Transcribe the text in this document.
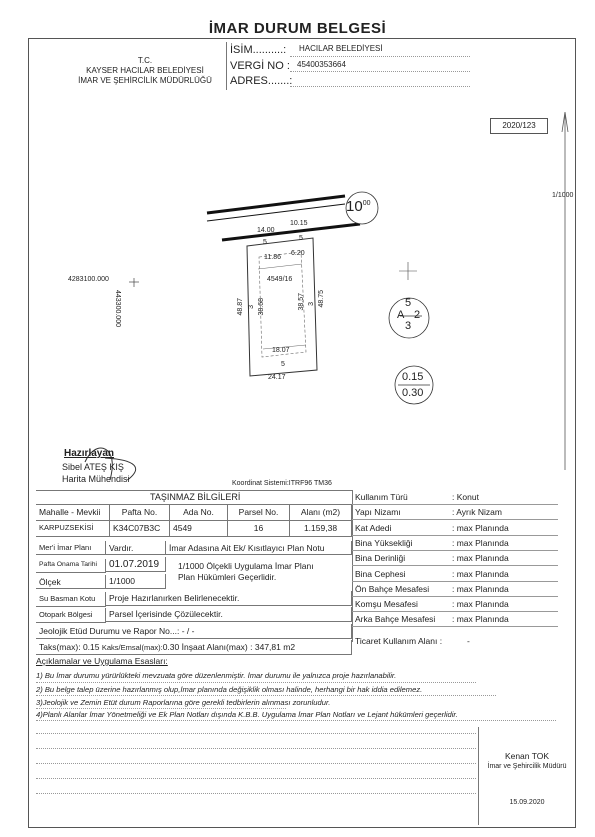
İMAR DURUM BELGESİ
T.C.
KAYSER HACILAR BELEDİYESİ
İMAR VE ŞEHİRCİLİK MÜDÜRLÜĞÜ
İSİM..........: HACILAR BELEDİYESİ
VERGİ NO : 45400353664
ADRES.......:
2020/123
1/1000
$10^{00}$
4283100.000
443300.000
14.00
10.15
5
5
11.86
6.20
4549/16
48.87 3 38.68	38.57 3 48.75
18.07
5
24.17
5
A 2
3
0.15
0.30
Hazırlayan
Sibel ATEŞ KIŞ
Harita Mühendisi	Koordinat Sistemi:ITRF96 TM36
TAŞINMAZ BİLGİLERİ
Mahalle - Mevkii	Pafta No.	Ada No.	Parsel No.	Alanı (m2)
KARPUZSEKİSİ	K34C07B3C	4549	16	1.159,38
Mer'i İmar Planı	Vardır.	İmar Adasına Ait Ek/ Kısıtlayıcı Plan Notu
Pafta Onama Tarihi	01.07.2019	1/1000 Ölçekli Uygulama İmar Planı
Plan Hükümleri Geçerlidir.
Ölçek	1/1000
Su Basman Kotu	Proje Hazırlanırken Belirlenecektir.
Otopark Bölgesi	Parsel İçerisinde Çözülecektir.
Jeolojik Etüd Durumu ve Rapor No...: - / -
Taks(max): 0.15 Kaks/Emsal(max):0.30 İnşaat Alanı(max) : 347,81 m2
Kullanım Türü	: Konut
Yapı Nizamı	: Ayrık Nizam
Kat Adedi	: max Planında
Bina Yüksekliği	: max Planında
Bina Derinliği	: max Planında
Bina Cephesi	: max Planında
Ön Bahçe Mesafesi	: max Planında
Komşu Mesafesi	: max Planında
Arka Bahçe Mesafesi : max Planında
Ticaret Kullanım Alanı :	-
Açıklamalar ve Uygulama Esasları:
1) Bu İmar durumu yürürlükteki mevzuata göre düzenlenmiştir. İmar durumu ile yalnızca proje hazırlanabilir.
2) Bu belge talep üzerine hazırlanmış olup,İmar planında değişiklik olması halinde, herhangi bir hak iddia edilemez.
3)Jeolojik ve Zemin Etüt durum Raporlarına göre gerekli tedbirlerin alınması zorunludur.
4)Planlı Alanlar İmar Yönetmeliği ve Ek Plan Notları dışında K.B.B. Uygulama İmar Plan Notları ve Lejant hükümleri geçerlidir.
Kenan TOK
İmar ve Şehircilik Müdürü
15.09.2020
